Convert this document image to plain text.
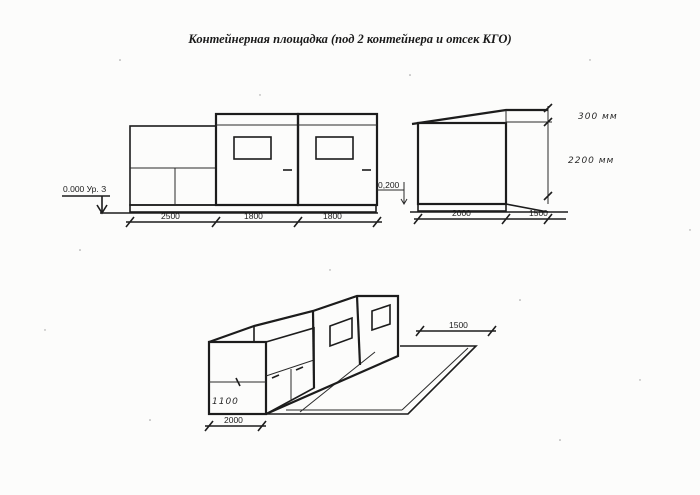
Контейнерная площадка (под 2 контейнера и отсек КГО)
0.000 Ур. З	0,200
2500	1800	1800
300 мм
2200 мм
2000	1500
1100
2000
1500
